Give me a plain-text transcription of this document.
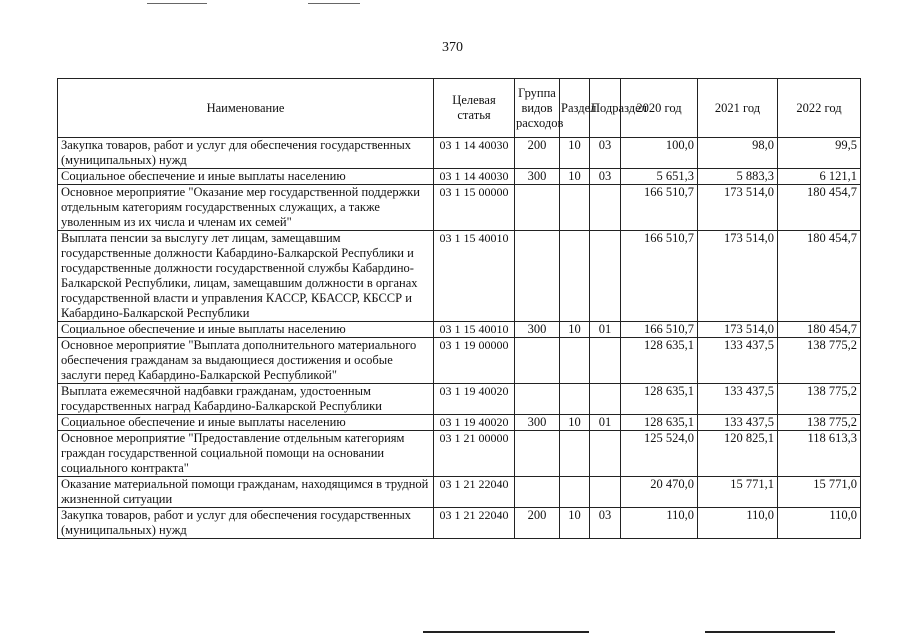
370
Наименование	Целевая статья	Группа видов расходов	Раздел	Подраздел	2020 год	2021 год	2022 год
Закупка товаров, работ и услуг для обеспечения государственных (муниципальных) нужд	03 1 14 40030	200	10	03	100,0	98,0	99,5
Социальное обеспечение и иные выплаты населению	03 1 14 40030	300	10	03	5 651,3	5 883,3	6 121,1
Основное мероприятие "Оказание мер государственной поддержки отдельным категориям государственных служащих, а также уволенным из их числа и членам их семей"	03 1 15 00000				166 510,7	173 514,0	180 454,7
Выплата пенсии за выслугу лет лицам, замещавшим государственные должности Кабардино-Балкарской Республики и государственные должности государственной службы Кабардино-Балкарской Республики, лицам, замещавшим должности в органах государственной власти и управления КАССР, КБАССР, КБССР и Кабардино-Балкарской Республики	03 1 15 40010				166 510,7	173 514,0	180 454,7
Социальное обеспечение и иные выплаты населению	03 1 15 40010	300	10	01	166 510,7	173 514,0	180 454,7
Основное мероприятие "Выплата дополнительного материального обеспечения гражданам за выдающиеся достижения и особые заслуги перед Кабардино-Балкарской Республикой"	03 1 19 00000				128 635,1	133 437,5	138 775,2
Выплата ежемесячной надбавки гражданам, удостоенным государственных наград Кабардино-Балкарской Республики	03 1 19 40020				128 635,1	133 437,5	138 775,2
Социальное обеспечение и иные выплаты населению	03 1 19 40020	300	10	01	128 635,1	133 437,5	138 775,2
Основное мероприятие "Предоставление отдельным категориям граждан государственной социальной помощи на основании социального контракта"	03 1 21 00000				125 524,0	120 825,1	118 613,3
Оказание материальной помощи гражданам, находящимся в трудной жизненной ситуации	03 1 21 22040				20 470,0	15 771,1	15 771,0
Закупка товаров, работ и услуг для обеспечения государственных (муниципальных) нужд	03 1 21 22040	200	10	03	110,0	110,0	110,0
